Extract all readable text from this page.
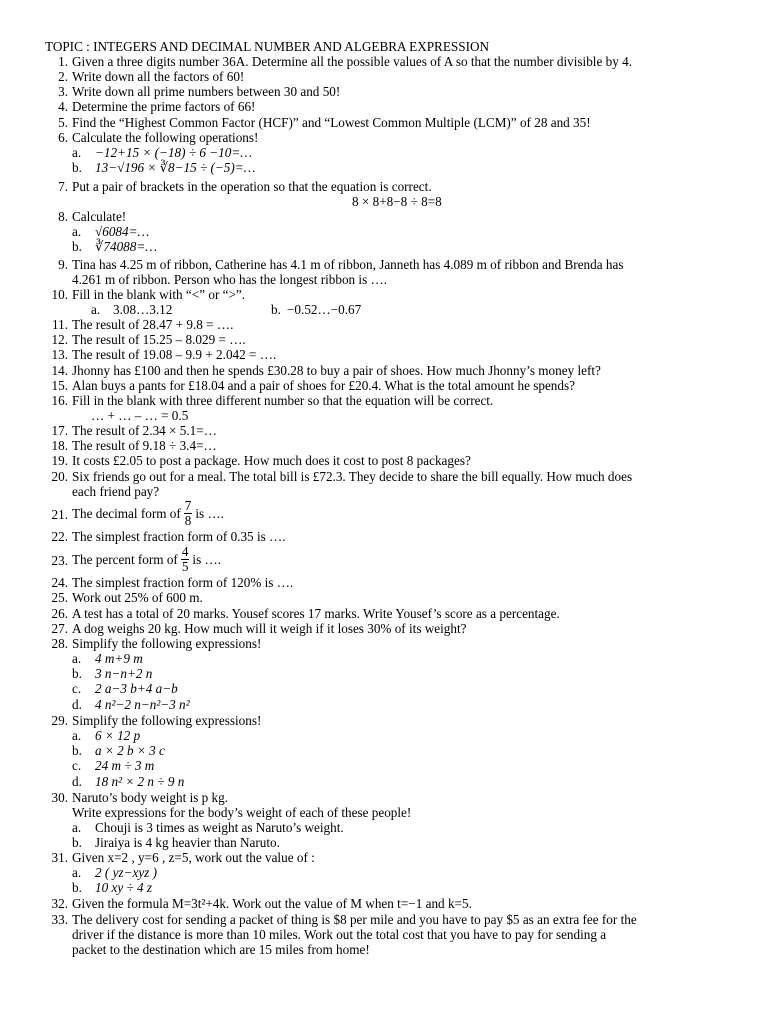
TOPIC : INTEGERS AND DECIMAL NUMBER AND ALGEBRA EXPRESSION
1. Given a three digits number 36A. Determine all the possible values of A so that the number divisible by 4.
2. Write down all the factors of 60!
3. Write down all prime numbers between 30 and 50!
4. Determine the prime factors of 66!
5. Find the “Highest Common Factor (HCF)” and “Lowest Common Multiple (LCM)” of 28 and 35!
6. Calculate the following operations!
7. Put a pair of brackets in the operation so that the equation is correct.
8. Calculate!
9. Tina has 4.25 m of ribbon, Catherine has 4.1 m of ribbon, Janneth has 4.089 m of ribbon and Brenda has
4.261 m of ribbon. Person who has the longest ribbon is ….
10. Fill in the blank with “<” or “>”.
11. The result of 28.47 + 9.8 = ….
12. The result of 15.25 – 8.029 = ….
13. The result of 19.08 – 9.9 + 2.042 = ….
14. Jhonny has £100 and then he spends £30.28 to buy a pair of shoes. How much Jhonny’s money left?
15. Alan buys a pants for £18.04 and a pair of shoes for £20.4. What is the total amount he spends?
16. Fill in the blank with three different number so that the equation will be correct.
17. The result of 2.34 × 5.1=…
18. The result of 9.18 ÷ 3.4=…
19. It costs £2.05 to post a package. How much does it cost to post 8 packages?
20. Six friends go out for a meal. The total bill is £72.3. They decide to share the bill equally. How much does
each friend pay?
21. The decimal form of $\frac{7}{8}$ is ….
22. The simplest fraction form of 0.35 is ….
23. The percent form of $\frac{4}{5}$ is ….
24. The simplest fraction form of 120% is ….
25. Work out 25% of 600 m.
26. A test has a total of 20 marks. Yousef scores 17 marks. Write Yousef’s score as a percentage.
27. A dog weighs 20 kg. How much will it weigh if it loses 30% of its weight?
28. Simplify the following expressions!
29. Simplify the following expressions!
30. Naruto’s body weight is p kg.
Write expressions for the body’s weight of each of these people!
31. Given x=2 , y=6 , z=5, work out the value of :
32. Given the formula M=3t²+4k. Work out the value of M when t=−1 and k=5.
33. The delivery cost for sending a packet of thing is $8 per mile and you have to pay $5 as an extra fee for the
driver if the distance is more than 10 miles. Work out the total cost that you have to pay for sending a
packet to the destination which are 15 miles from home!
a. −12+15 × (−18) ÷ 6 −10=…
b. 13−√196 × ∛8−15 ÷ (−5)=…
8 × 8+8−8 ÷ 8=8
a. √6084=…
b. ∛74088=…
a. 3.08…3.12	b. −0.52…−0.67
… + … – … = 0.5
a. 4 m+9 m
b. 3 n−n+2 n
c. 2 a−3 b+4 a−b
d. 4 n²−2 n−n²−3 n²
a. 6 × 12 p
b. a × 2 b × 3 c
c. 24 m ÷ 3 m
d. 18 n² × 2 n ÷ 9 n
a. Chouji is 3 times as weight as Naruto’s weight.
b. Jiraiya is 4 kg heavier than Naruto.
a. 2 ( yz−xyz )
b. 10 xy ÷ 4 z
